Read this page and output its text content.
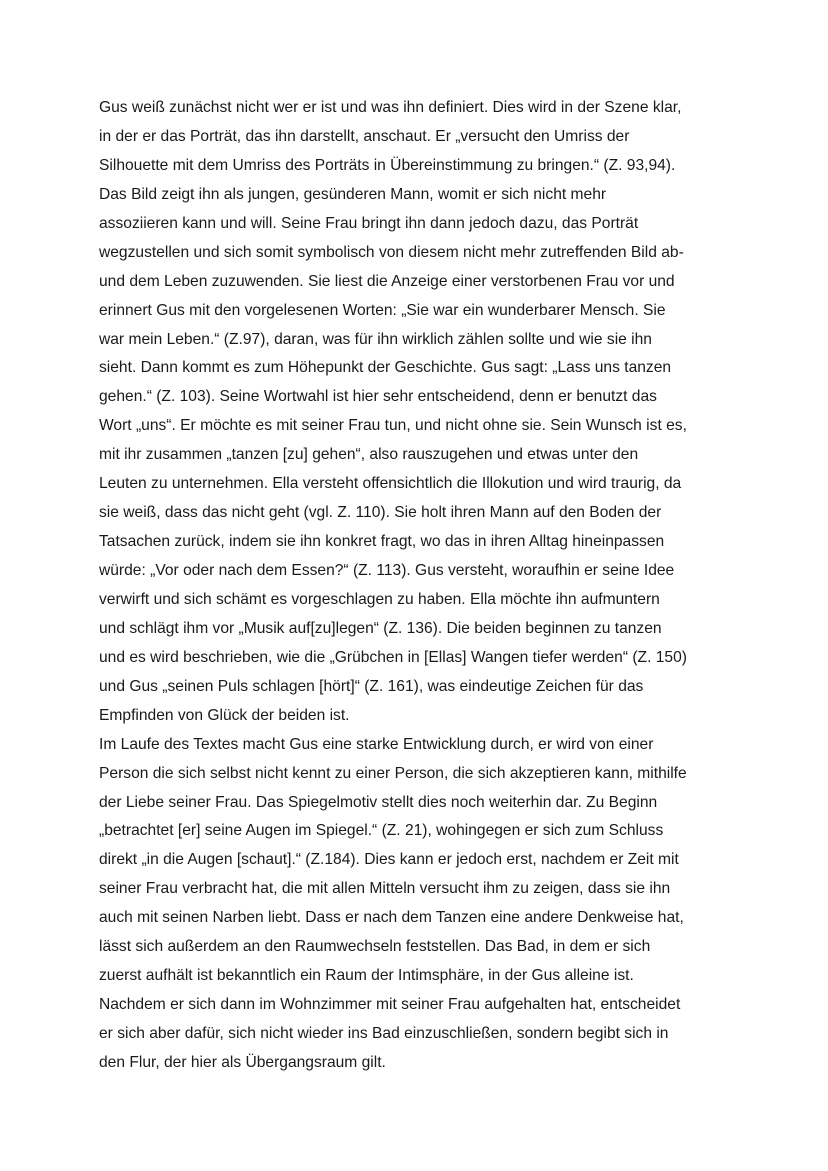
Gus weiß zunächst nicht wer er ist und was ihn definiert. Dies wird in der Szene klar,
in der er das Porträt, das ihn darstellt, anschaut. Er „versucht den Umriss der
Silhouette mit dem Umriss des Porträts in Übereinstimmung zu bringen.“ (Z. 93,94).
Das Bild zeigt ihn als jungen, gesünderen Mann, womit er sich nicht mehr
assoziieren kann und will. Seine Frau bringt ihn dann jedoch dazu, das Porträt
wegzustellen und sich somit symbolisch von diesem nicht mehr zutreffenden Bild ab-
und dem Leben zuzuwenden. Sie liest die Anzeige einer verstorbenen Frau vor und
erinnert Gus mit den vorgelesenen Worten: „Sie war ein wunderbarer Mensch. Sie
war mein Leben.“ (Z.97), daran, was für ihn wirklich zählen sollte und wie sie ihn
sieht. Dann kommt es zum Höhepunkt der Geschichte. Gus sagt: „Lass uns tanzen
gehen.“ (Z. 103). Seine Wortwahl ist hier sehr entscheidend, denn er benutzt das
Wort „uns“. Er möchte es mit seiner Frau tun, und nicht ohne sie. Sein Wunsch ist es,
mit ihr zusammen „tanzen [zu] gehen“, also rauszugehen und etwas unter den
Leuten zu unternehmen. Ella versteht offensichtlich die Illokution und wird traurig, da
sie weiß, dass das nicht geht (vgl. Z. 110). Sie holt ihren Mann auf den Boden der
Tatsachen zurück, indem sie ihn konkret fragt, wo das in ihren Alltag hineinpassen
würde: „Vor oder nach dem Essen?“ (Z. 113). Gus versteht, woraufhin er seine Idee
verwirft und sich schämt es vorgeschlagen zu haben. Ella möchte ihn aufmuntern
und schlägt ihm vor „Musik auf[zu]legen“ (Z. 136). Die beiden beginnen zu tanzen
und es wird beschrieben, wie die „Grübchen in [Ellas] Wangen tiefer werden“ (Z. 150)
und Gus „seinen Puls schlagen [hört]“ (Z. 161), was eindeutige Zeichen für das
Empfinden von Glück der beiden ist.
Im Laufe des Textes macht Gus eine starke Entwicklung durch, er wird von einer
Person die sich selbst nicht kennt zu einer Person, die sich akzeptieren kann, mithilfe
der Liebe seiner Frau. Das Spiegelmotiv stellt dies noch weiterhin dar. Zu Beginn
„betrachtet [er] seine Augen im Spiegel.“ (Z. 21), wohingegen er sich zum Schluss
direkt „in die Augen [schaut].“ (Z.184). Dies kann er jedoch erst, nachdem er Zeit mit
seiner Frau verbracht hat, die mit allen Mitteln versucht ihm zu zeigen, dass sie ihn
auch mit seinen Narben liebt. Dass er nach dem Tanzen eine andere Denkweise hat,
lässt sich außerdem an den Raumwechseln feststellen. Das Bad, in dem er sich
zuerst aufhält ist bekanntlich ein Raum der Intimsphäre, in der Gus alleine ist.
Nachdem er sich dann im Wohnzimmer mit seiner Frau aufgehalten hat, entscheidet
er sich aber dafür, sich nicht wieder ins Bad einzuschließen, sondern begibt sich in
den Flur, der hier als Übergangsraum gilt.
